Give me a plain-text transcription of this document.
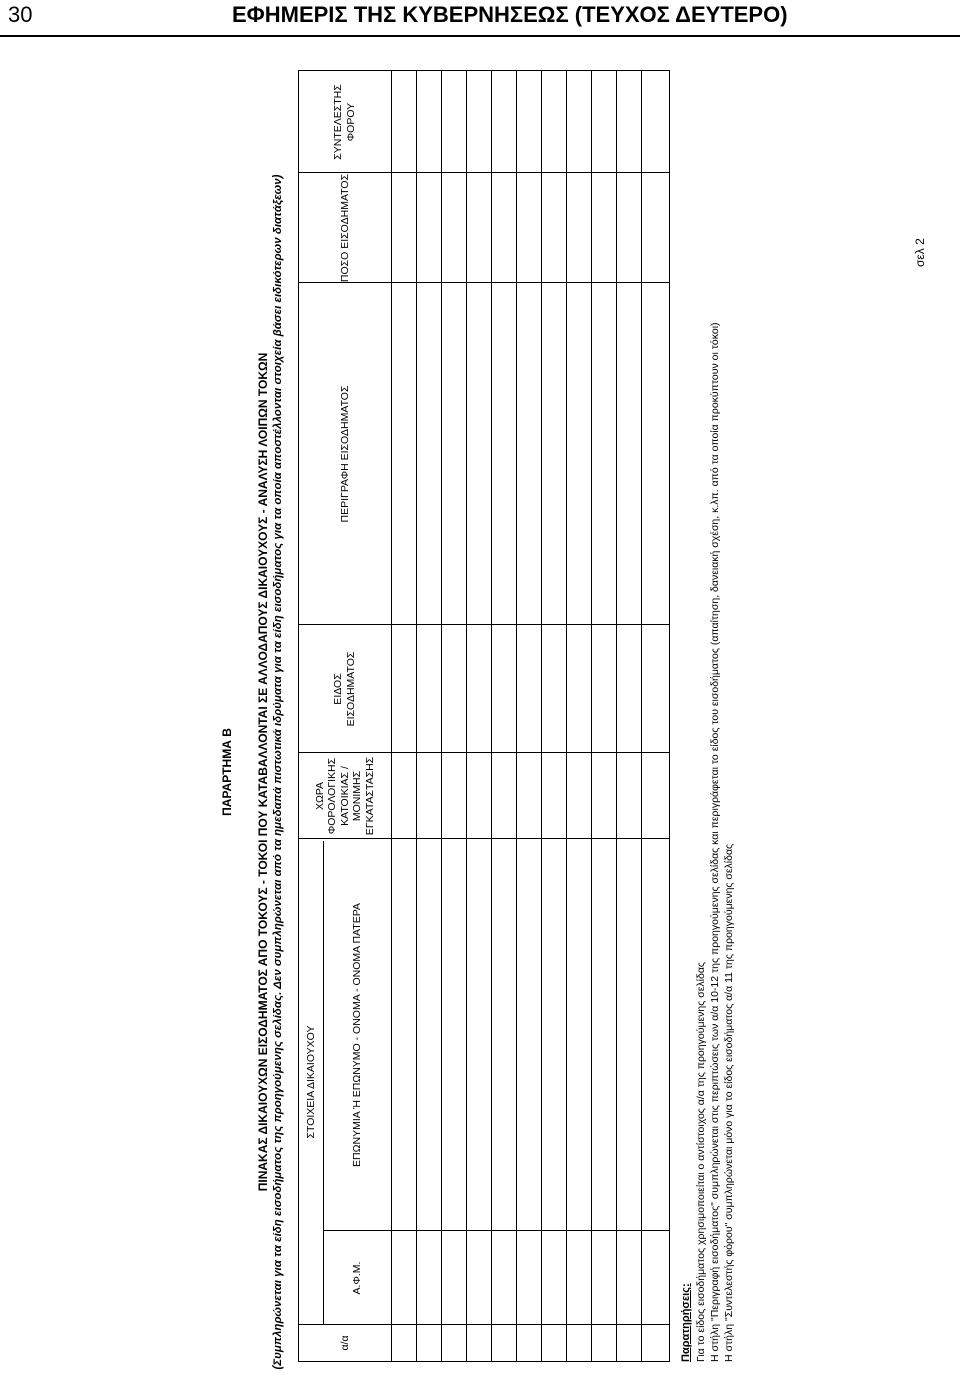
30	ΕΦΗΜΕΡΙΣ ΤΗΣ ΚΥΒΕΡΝΗΣΕΩΣ (ΤΕΥΧΟΣ ΔΕΥΤΕΡΟ)
ΠΑΡΑΡΤΗΜΑ Β
σελ 2
ΠΙΝΑΚΑΣ ΔΙΚΑΙΟΥΧΩΝ ΕΙΣΟΔΗΜΑΤΟΣ ΑΠΟ ΤΟΚΟΥΣ - ΤΟΚΟΙ ΠΟΥ ΚΑΤΑΒΑΛΛΟΝΤΑΙ ΣΕ ΑΛΛΟΔΑΠΟΥΣ ΔΙΚΑΙΟΥΧΟΥΣ - ΑΝΑΛΥΣΗ ΛΟΙΠΩΝ ΤΟΚΩΝ (Συμπληρώνεται για τα είδη εισοδήματος της προηγούμενης σελίδας. Δεν συμπληρώνεται από τα ημεδαπά πιστωτικά ιδρύματα για τα είδη εισοδήματος για τα οποία αποστέλλονται στοιχεία βάσει ειδικότερων διατάξεων)	α/α
ΣΤΟΙΧΕΙΑ ΔΙΚΑΙΟΥΧΟΥ
Α.Φ.Μ.
ΕΠΩΝΥΜΙΑ Ή ΕΠΩΝΥΜΟ - ΟΝΟΜΑ - ΟΝΟΜΑ ΠΑΤΕΡΑ
ΧΩΡΑ ΦΟΡΟΛΟΓΙΚΗΣ ΚΑΤΟΙΚΙΑΣ / ΜΟΝΙΜΗΣ ΕΓΚΑΤΑΣΤΑΣΗΣ
ΕΙΔΟΣ ΕΙΣΟΔΗΜΑΤΟΣ
ΠΕΡΙΓΡΑΦΗ ΕΙΣΟΔΗΜΑΤΟΣ
ΠΟΣΟ ΕΙΣΟΔΗΜΑΤΟΣ
ΣΥΝΤΕΛΕΣΤΗΣ ΦΟΡΟΥ
Παρατηρήσεις: Για το είδος εισοδήματος χρησιμοποιείται ο αντίστοιχος α/α της προηγούμενης σελίδας Η στήλη "Περιγραφή εισοδήματος" συμπληρώνεται στις περιπτώσεις των α/α 10-12 της προηγούμενης σελίδας και περιγράφεται το είδος του εισοδήματος (απαίτηση, δανειακή σχέση, κ.λπ. από τα οποία προκύπτουν οι τόκοι) Η στήλη "Συντελεστής φόρου" συμπληρώνεται μόνο για το είδος εισοδήματος α/α 11 της προηγούμενης σελίδας
